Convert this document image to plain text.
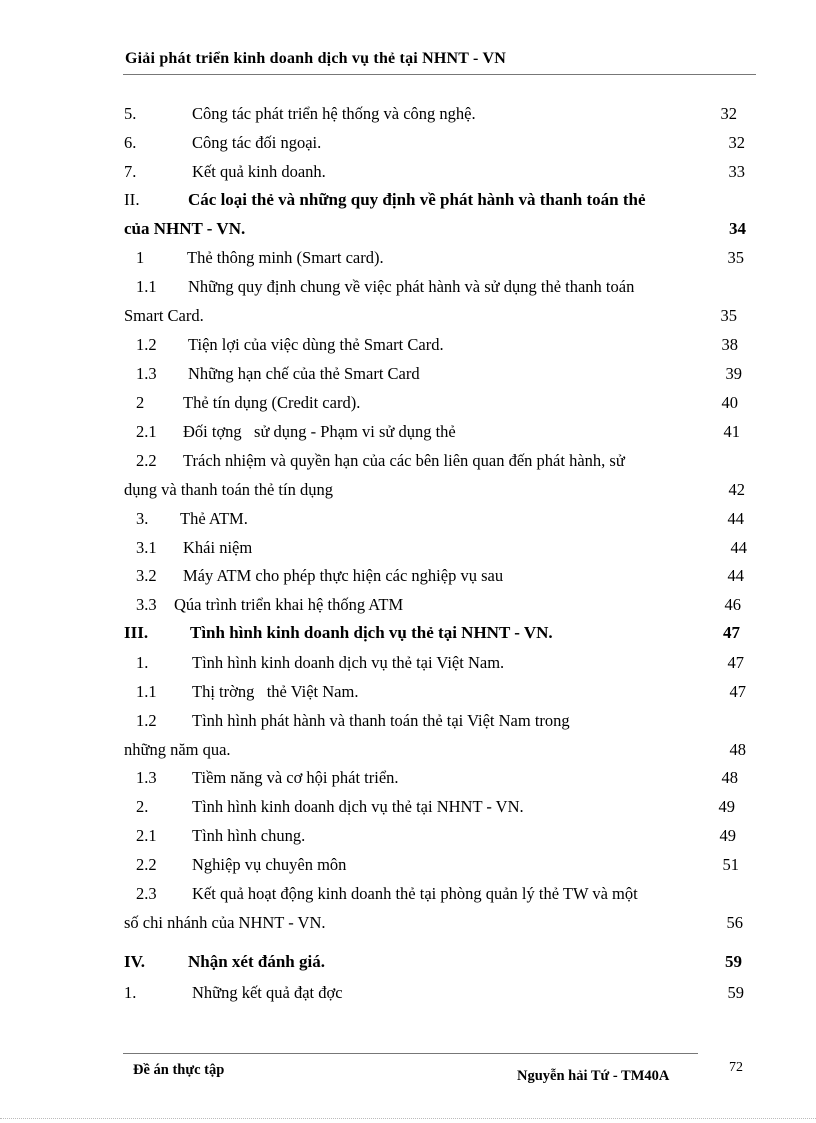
Giải phát triển kinh doanh dịch vụ thẻ tại NHNT - VN
5.	Công tác phát triển hệ thống và công nghệ.	32
6.	Công tác đối ngoại.	32
7.	Kết quả kinh doanh.	33
II.	Các loại thẻ và những quy định về phát hành và thanh toán thẻ
của NHNT - VN.	34
1	Thẻ thông minh (Smart card).	35
1.1 Những quy định chung về việc phát hành và sử dụng thẻ thanh toán
Smart Card.	35
1.2 Tiện lợi của việc dùng thẻ Smart Card.	38
1.3 Những hạn chế của thẻ Smart Card	39
2 Thẻ tín dụng (Credit card).	40
2.1 Đối tợng   sử dụng - Phạm vi sử dụng thẻ	41
2.2 Trách nhiệm và quyền hạn của các bên liên quan đến phát hành, sử
dụng và thanh toán thẻ tín dụng	42
3. Thẻ ATM.	44
3.1 Khái niệm	44
3.2 Máy ATM cho phép thực hiện các nghiệp vụ sau	44
3.3 Qúa trình triển khai hệ thống ATM	46
III. Tình hình kinh doanh dịch vụ thẻ tại NHNT - VN.	47
1.	Tình hình kinh doanh dịch vụ thẻ tại Việt Nam.	47
1.1 Thị trờng   thẻ Việt Nam.	47
1.2 Tình hình phát hành và thanh toán thẻ tại Việt Nam trong
những năm qua.	48
1.3 Tiềm năng và cơ hội phát triển.	48
2.	Tình hình kinh doanh dịch vụ thẻ tại NHNT - VN.	49
2.1 Tình hình chung.	49
2.2 Nghiệp vụ chuyên môn	51
2.3 Kết quả hoạt động kinh doanh thẻ tại phòng quản lý thẻ TW và một
số chi nhánh của NHNT - VN.	56
IV.	Nhận xét đánh giá.	59
1.	Những kết quả đạt đợc	59
Đề án thực tập	Nguyễn hải Tứ - TM40A
72
